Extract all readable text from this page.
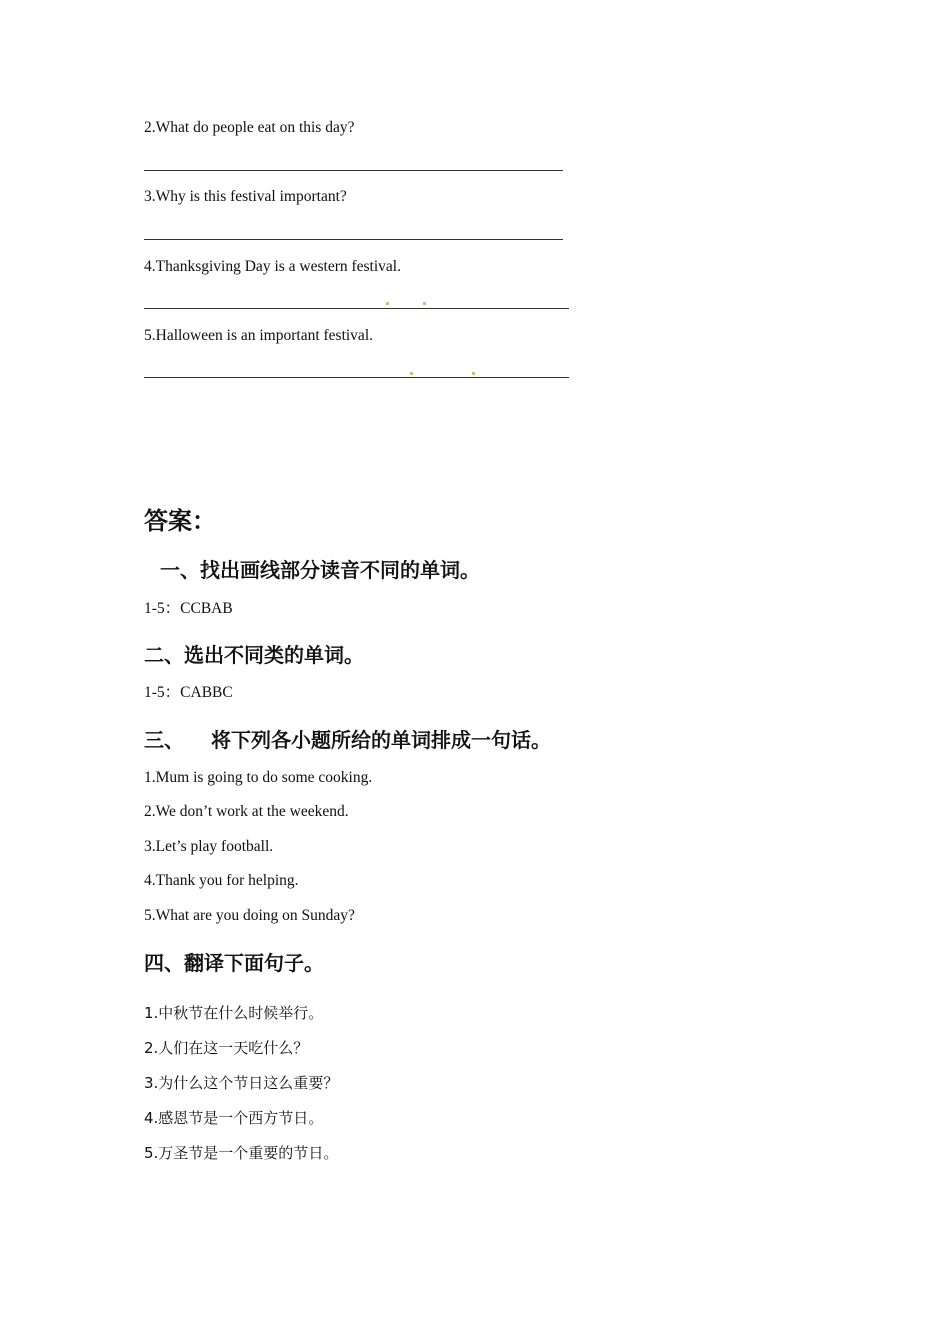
2.What do people eat on this day?
3.Why is this festival important?
4.Thanksgiving Day is a western festival.
5.Halloween is an important festival.
答案：
一、找出画线部分读音不同的单词。
1-5：CCBAB
二、选出不同类的单词。
1-5：CABBC
三、 将下列各小题所给的单词排成一句话。
1.Mum is going to do some cooking.
2.We don’t work at the weekend.
3.Let’s play football.
4.Thank you for helping.
5.What are you doing on Sunday?
四、翻译下面句子。
1.中秋节在什么时候举行。
2.人们在这一天吃什么？
3.为什么这个节日这么重要？
4.感恩节是一个西方节日。
5.万圣节是一个重要的节日。
